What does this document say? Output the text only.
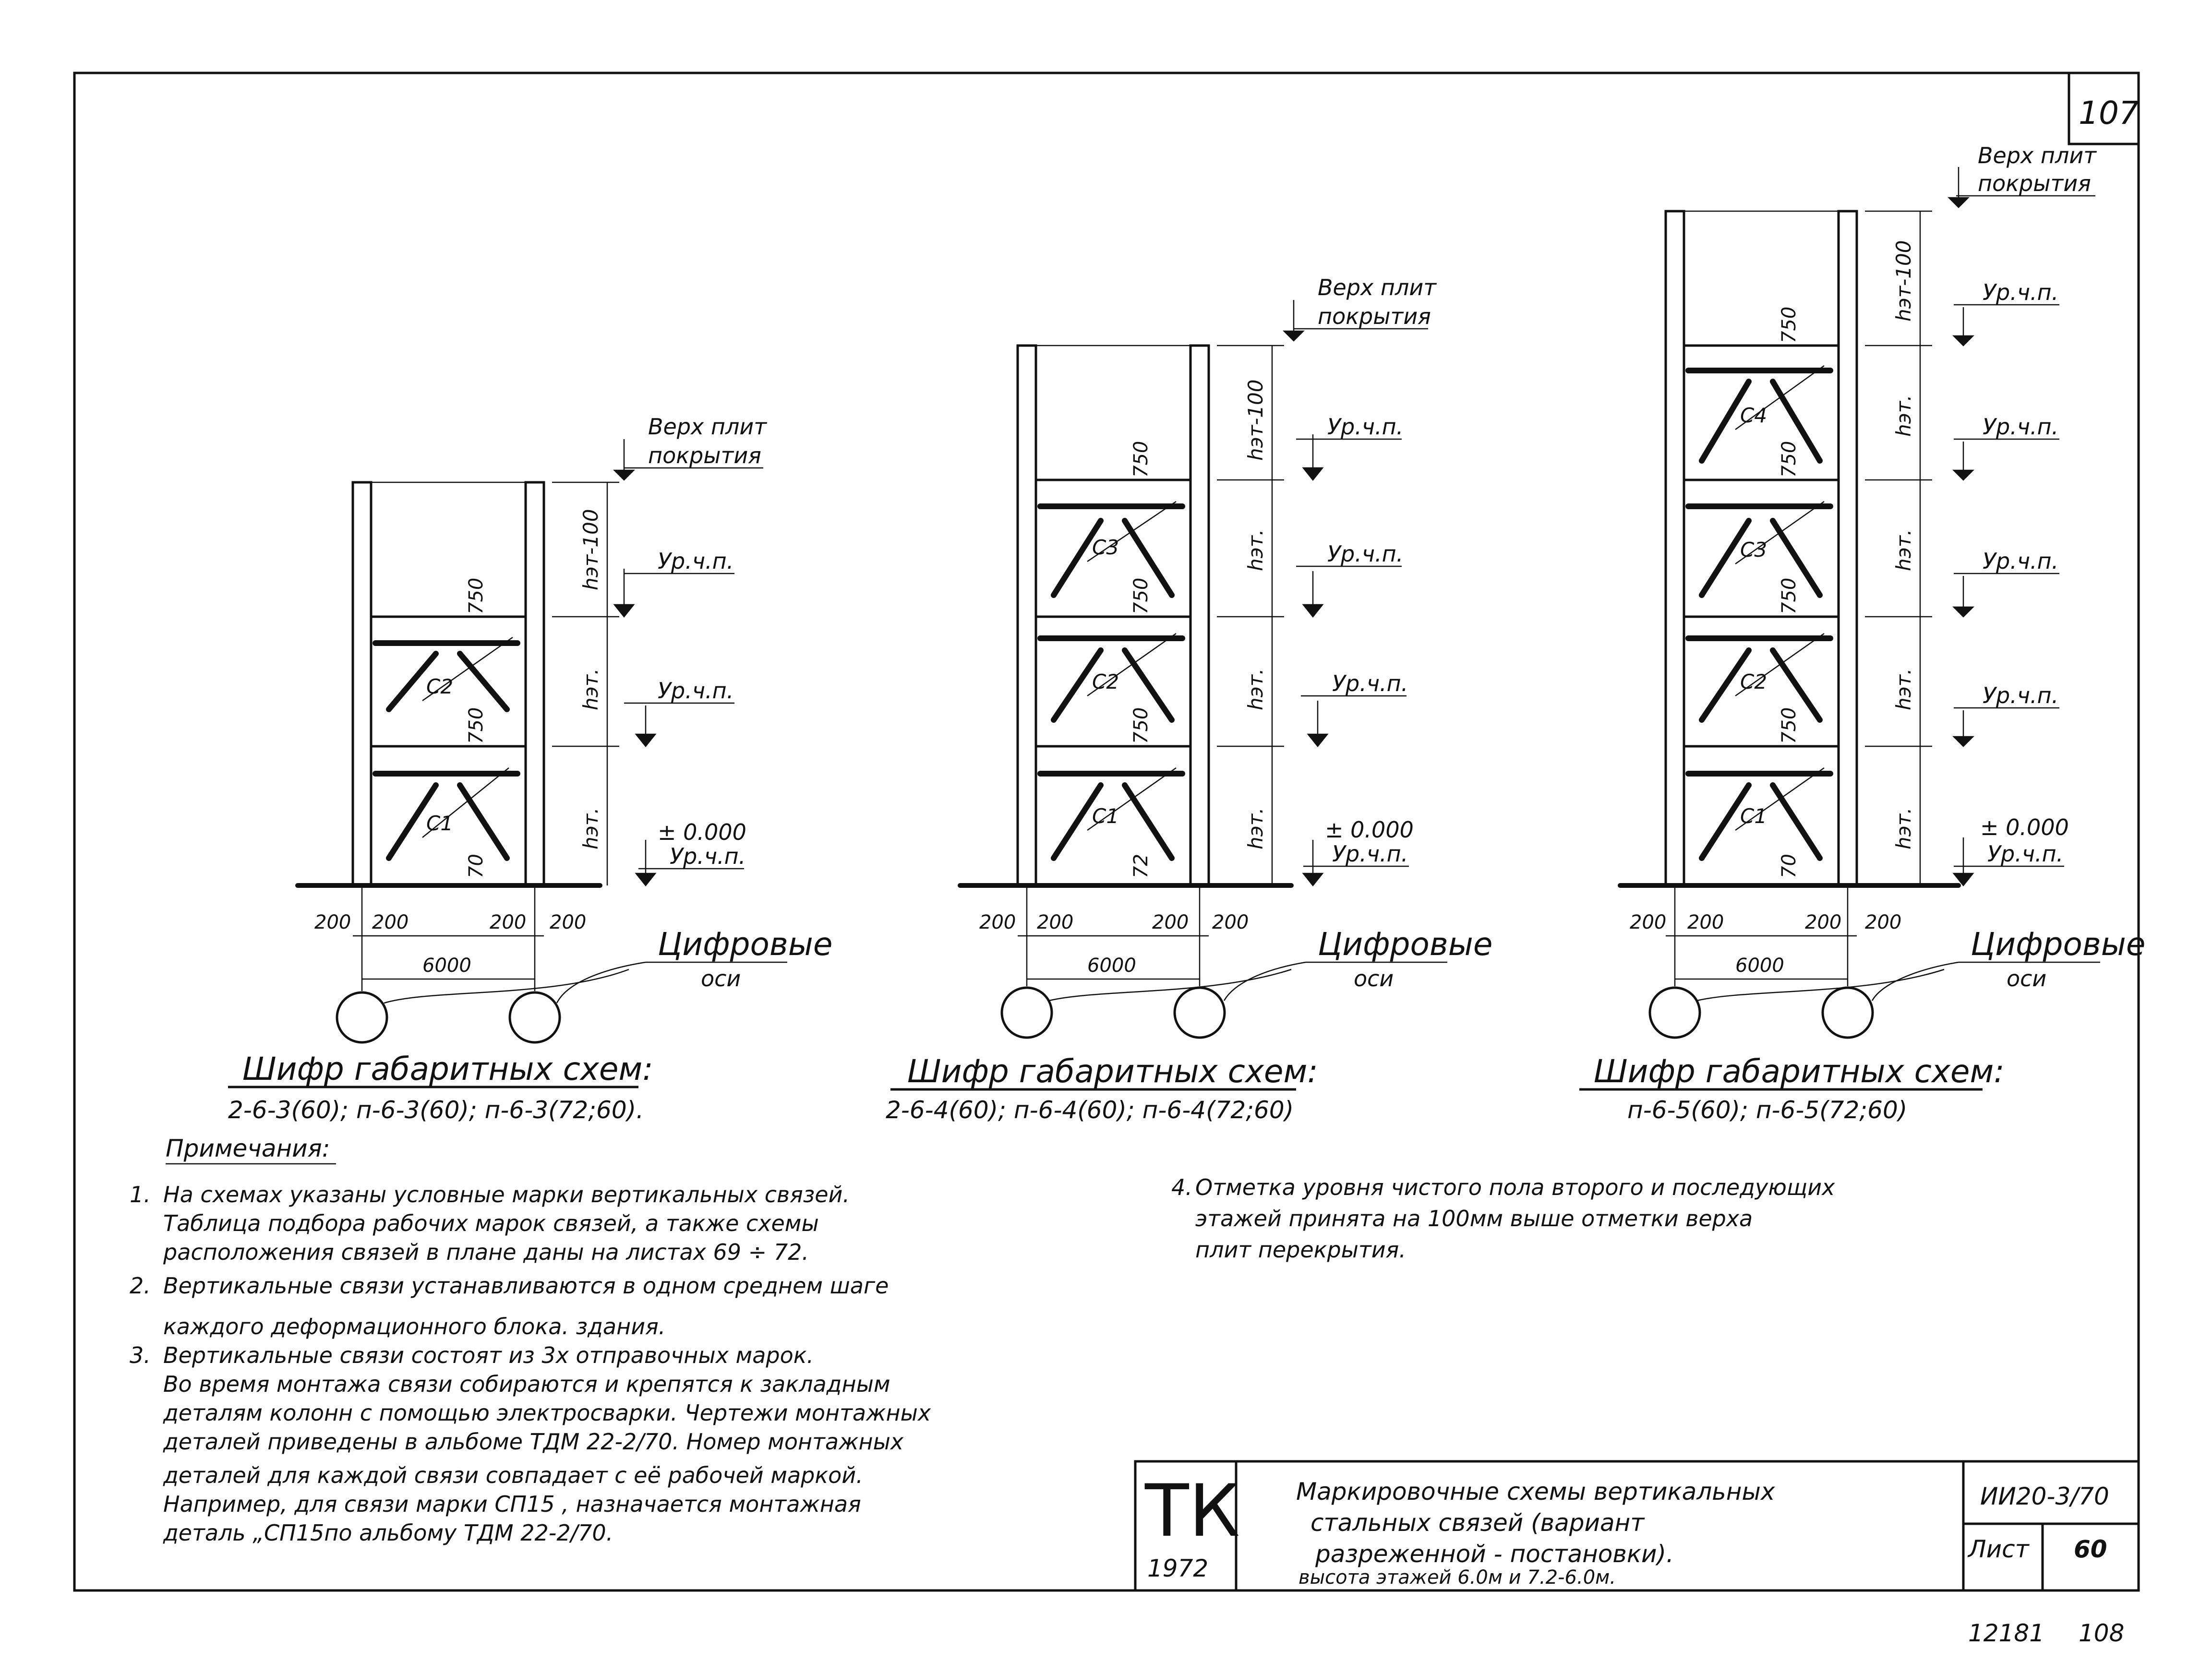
107
С2
С1
750
750
70
hэт-100
hэт.
hэт.
Верх плит
покрытия
Ур.ч.п.
Ур.ч.п.
± 0.000
Ур.ч.п.
200 200	200 200
6000
Цифровые
оси
Шифр габаритных схем:
2-6-3(60); п-6-3(60); п-6-3(72;60).
С3
С2
С1
750
750
750
72
hэт-100
hэт.
hэт.
hэт.
Верх плит
покрытия
Ур.ч.п.
Ур.ч.п.
Ур.ч.п.
± 0.000
Ур.ч.п.
200 200	200 200
6000
Цифровые
оси
Шифр габаритных схем:
2-6-4(60); п-6-4(60); п-6-4(72;60)
С4
С3
С2
С1
750
750
750
750
70
hэт-100
hэт.
hэт.
hэт.
hэт.
Верх плит
покрытия
Ур.ч.п.
Ур.ч.п.
Ур.ч.п.
Ур.ч.п.
± 0.000
Ур.ч.п.
200 200	200 200
6000
Цифровые
оси
Шифр габаритных схем:
п-6-5(60); п-6-5(72;60)
Примечания:
1. На схемах указаны условные марки вертикальных связей.
Таблица подбора рабочих марок связей, а также схемы
расположения связей в плане даны на листах 69 ÷ 72.
2. Вертикальные связи устанавливаются в одном среднем шаге
каждого деформационного блока. здания.
3. Вертикальные связи состоят из 3х отправочных марок.
Во время монтажа связи собираются и крепятся к закладным
деталям колонн с помощью электросварки. Чертежи монтажных
деталей приведены в альбоме ТДМ 22-2/70. Номер монтажных
деталей для каждой связи совпадает с её рабочей маркой.
Например, для связи марки СП15 , назначается монтажная
деталь „СП15по альбому ТДМ 22-2/70.
4. Отметка уровня чистого пола второго и последующих
этажей принята на 100мм выше отметки верха
плит перекрытия.
ТК
1972
Маркировочные схемы вертикальных
стальных связей (вариант
разреженной - постановки).
высота этажей 6.0м и 7.2-6.0м.
ИИ20-3/70
Лист 60
12181 108
